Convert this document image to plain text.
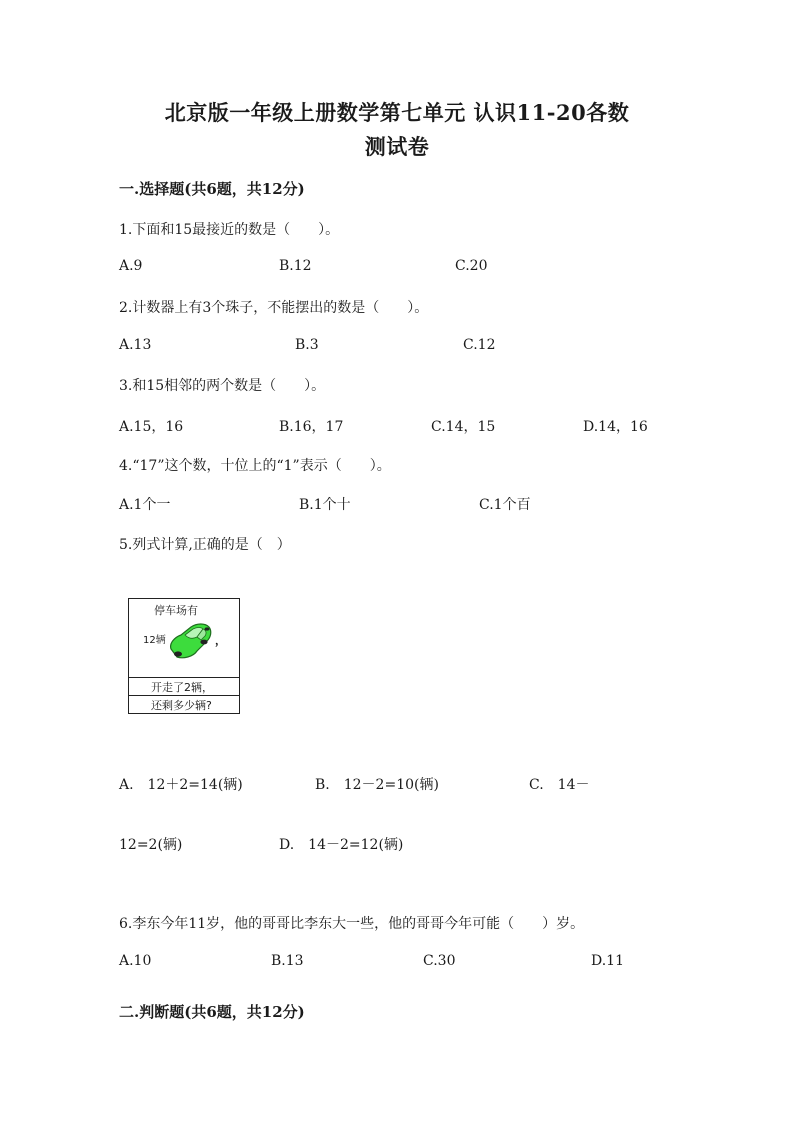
北京版一年级上册数学第七单元 认识11-20各数
测试卷
一.选择题(共6题，共12分)
1.下面和15最接近的数是（　　）。
A.9	B.12	C.20
2.计数器上有3个珠子，不能摆出的数是（　　）。
A.13	B.3	C.12
3.和15相邻的两个数是（　　）。
A.15，16	B.16，17	C.14，15	D.14，16
4.“17”这个数，十位上的“1”表示（　　）。
A.1个一	B.1个十	C.1个百
5.列式计算,正确的是（　）
停车场有
12辆	，
开走了2辆，
还剩多少辆?
A.　12＋2=14(辆)	B.　12－2=10(辆)	C.　14－
12=2(辆)	D.　14－2=12(辆)
6.李东今年11岁，他的哥哥比李东大一些，他的哥哥今年可能（　　）岁。
A.10	B.13	C.30	D.11
二.判断题(共6题，共12分)
